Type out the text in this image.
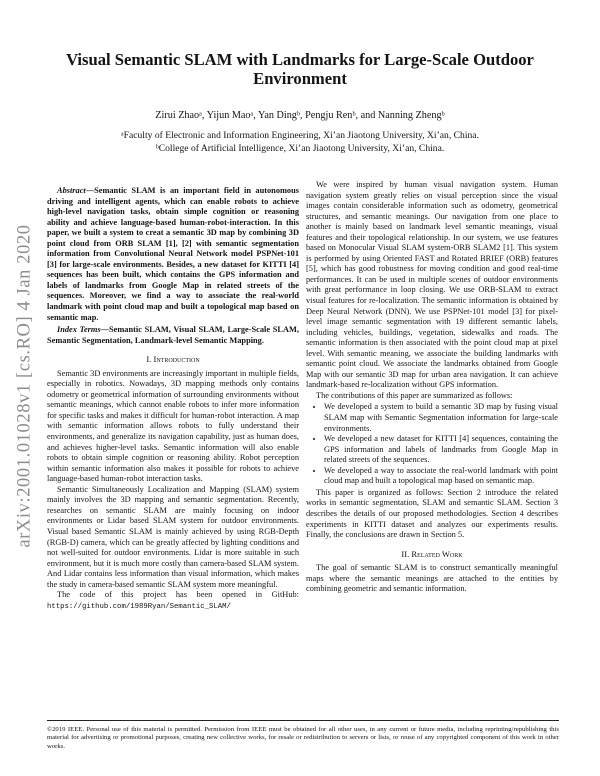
arXiv:2001.01028v1 [cs.RO] 4 Jan 2020
Visual Semantic SLAM with Landmarks for Large-Scale Outdoor Environment
Zirui Zhaoᵃ, Yijun Maoᵃ, Yan Dingᵇ, Pengju Renᵇ, and Nanning Zhengᵇ
ᵃFaculty of Electronic and Information Engineering, Xi’an Jiaotong University, Xi’an, China.
ᵇCollege of Artificial Intelligence, Xi’an Jiaotong University, Xi’an, China.

Abstract—Semantic SLAM is an important field in autonomous driving and intelligent agents, which can enable robots to achieve high-level navigation tasks, obtain simple cognition or reasoning ability and achieve language-based human-robot-interaction. In this paper, we built a system to creat a semantic 3D map by combining 3D point cloud from ORB SLAM [1], [2] with semantic segmentation information from Convolutional Neural Network model PSPNet-101 [3] for large-scale environments. Besides, a new dataset for KITTI [4] sequences has been built, which contains the GPS information and labels of landmarks from Google Map in related streets of the sequences. Moreover, we find a way to associate the real-world landmark with point cloud map and built a topological map based on semantic map.

Index Terms—Semantic SLAM, Visual SLAM, Large-Scale SLAM, Semantic Segmentation, Landmark-level Semantic Mapping.

I. Introduction

Semantic 3D environments are increasingly important in multiple fields, especially in robotics. Nowadays, 3D mapping methods only contains odometry or geometrical information of surrounding environments without semantic meanings, which cannot enable robots to infer more information for specific tasks and makes it difficult for human-robot interaction. A map with semantic information allows robots to fully understand their environments, and generalize its navigation capability, just as human does, and achieves higher-level tasks. Semantic information will also enable robots to obtain simple cognition or reasoning ability. Robot perception within semantic information also makes it possible for robots to achieve language-based human-robot interaction tasks.

Semantic Simultaneously Localization and Mapping (SLAM) system mainly involves the 3D mapping and semantic segmentation. Recently, researches on semantic SLAM are mainly focusing on indoor environments or Lidar based SLAM system for outdoor environments. Visual based Semantic SLAM is mainly achieved by using RGB-Depth (RGB-D) camera, which can be greatly affected by lighting conditions and not well-suited for outdoor environments. Lidar is more suitable in such environment, but it is much more costly than camera-based SLAM system. And Lidar contains less information than visual information, which makes the study in camera-based semantic SLAM system more meaningful.

The code of this project has been opened in GitHub: https://github.com/1989Ryan/Semantic_SLAM/

We were inspired by human visual navigation system. Human navigation system greatly relies on visual perception since the visual images contain considerable information such as odometry, geometrical structures, and semantic meanings. Our navigation from one place to another is mainly based on landmark level semantic meanings, visual features and their topological relationship. In our system, we use features based on Monocular Visual SLAM system-ORB SLAM2 [1]. This system is performed by using Oriented FAST and Rotated BRIEF (ORB) features [5], which has good robustness for moving condition and good real-time performances. It can be used in multiple scenes of outdoor environments with great performance in loop closing. We use ORB-SLAM to extract visual features for re-localization. The semantic information is obtained by Deep Neural Network (DNN). We use PSPNet-101 model [3] for pixel-level image semantic segmentation with 19 different semantic labels, including vehicles, buildings, vegetation, sidewalks and roads. The semantic information is then associated with the point cloud map at pixel level. With semantic meaning, we associate the building landmarks with semantic point cloud. We associate the landmarks obtained from Google Map with our semantic 3D map for urban area navigation. It can achieve landmark-based re-localization without GPS information.

The contributions of this paper are summarized as follows:

• We developed a system to build a semantic 3D map by fusing visual SLAM map with Semantic Segmentation information for large-scale environments.
• We developed a new dataset for KITTI [4] sequences, containing the GPS information and labels of landmarks from Google Map in related streets of the sequences.
• We developed a way to associate the real-world landmark with point cloud map and built a topological map based on semantic map.

This paper is organized as follows: Section 2 introduce the related works in semantic segmentation, SLAM and semantic SLAM. Section 3 describes the details of our proposed methodologies. Section 4 describes experiments in KITTI dataset and analyzes our experiments results. Finally, the conclusions are drawn in Section 5.

II. Related Work

The goal of semantic SLAM is to construct semantically meaningful maps where the semantic meanings are attached to the entities by combining geometric and semantic information.

©2019 IEEE. Personal use of this material is permitted. Permission from IEEE must be obtained for all other uses, in any current or future media, including reprinting/republishing this material for advertising or promotional purposes, creating new collective works, for resale or redistribution to servers or lists, or reuse of any copyrighted component of this work in other works.
